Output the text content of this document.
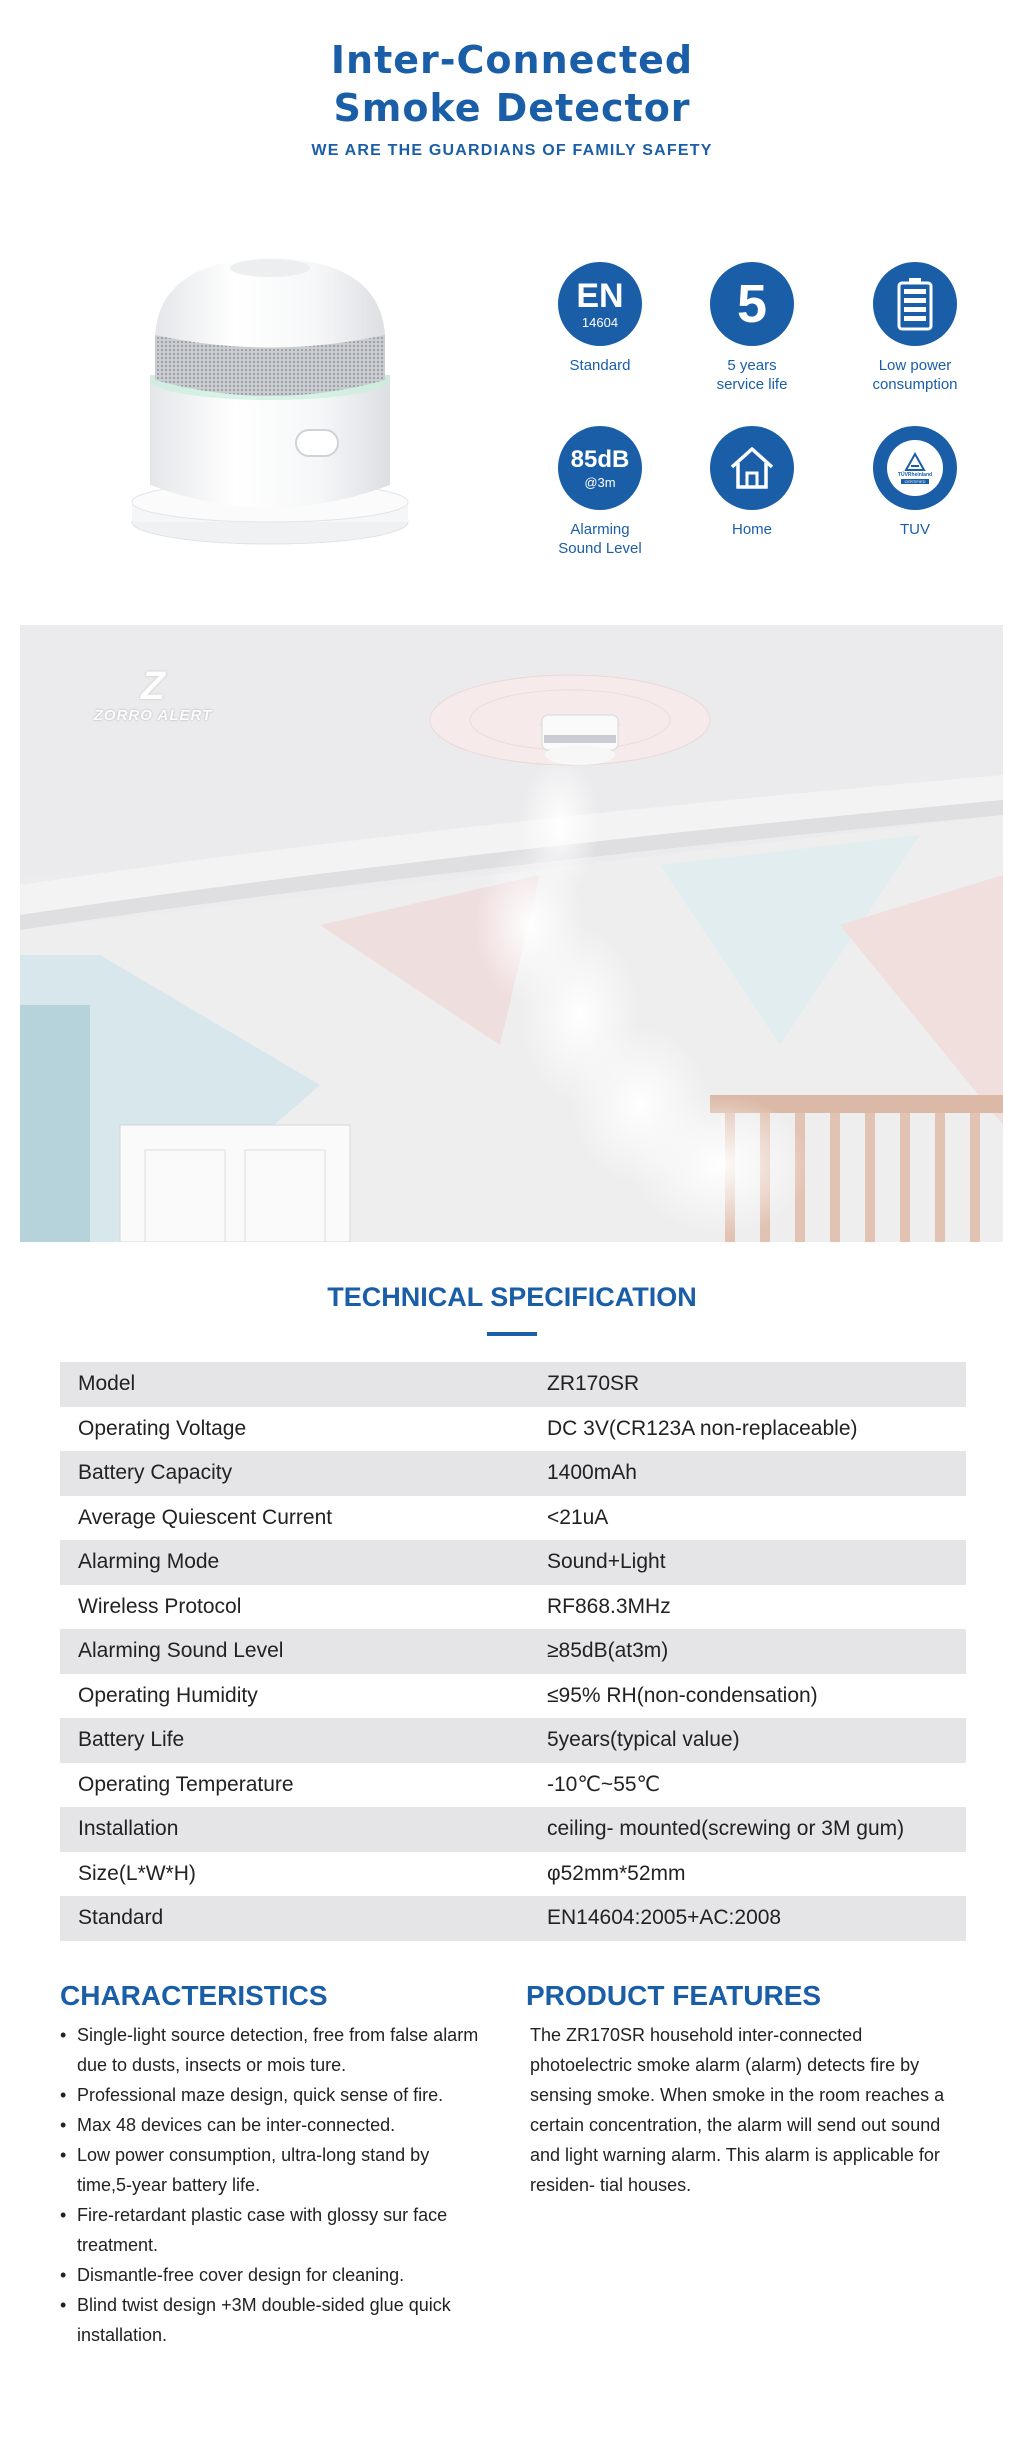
Inter-Connected
Smoke Detector
WE ARE THE GUARDIANS OF FAMILY SAFETY
EN
14604
Standard
5
5 years
service life
Low power
consumption
85dB
@3m
Alarming
Sound Level
Home
TÜVRheinland
CERTIFIED
TUV
Z
ZORRO ALERT
TECHNICAL SPECIFICATION
Model	ZR170SR
Operating Voltage	DC 3V(CR123A non-replaceable)
Battery Capacity	1400mAh
Average Quiescent Current	<21uA
Alarming Mode	Sound+Light
Wireless Protocol	RF868.3MHz
Alarming Sound Level	≥85dB(at3m)
Operating Humidity	≤95% RH(non-condensation)
Battery Life	5years(typical value)
Operating Temperature	-10℃~55℃
Installation	ceiling- mounted(screwing or 3M gum)
Size(L*W*H)	φ52mm*52mm
Standard	EN14604:2005+AC:2008
CHARACTERISTICS
• Single-light source detection, free from false alarm due to dusts, insects or mois ture.
• Professional maze design, quick sense of fire.
• Max 48 devices can be inter-connected.
• Low power consumption, ultra-long stand by time,5-year battery life.
• Fire-retardant plastic case with glossy sur face treatment.
• Dismantle-free cover design for cleaning.
• Blind twist design +3M double-sided glue quick installation.
PRODUCT FEATURES
The ZR170SR household inter-connected photoelectric smoke alarm (alarm) detects fire by sensing smoke. When smoke in the room reaches a certain concentration, the alarm will send out sound and light warning alarm. This alarm is applicable for residen- tial houses.
